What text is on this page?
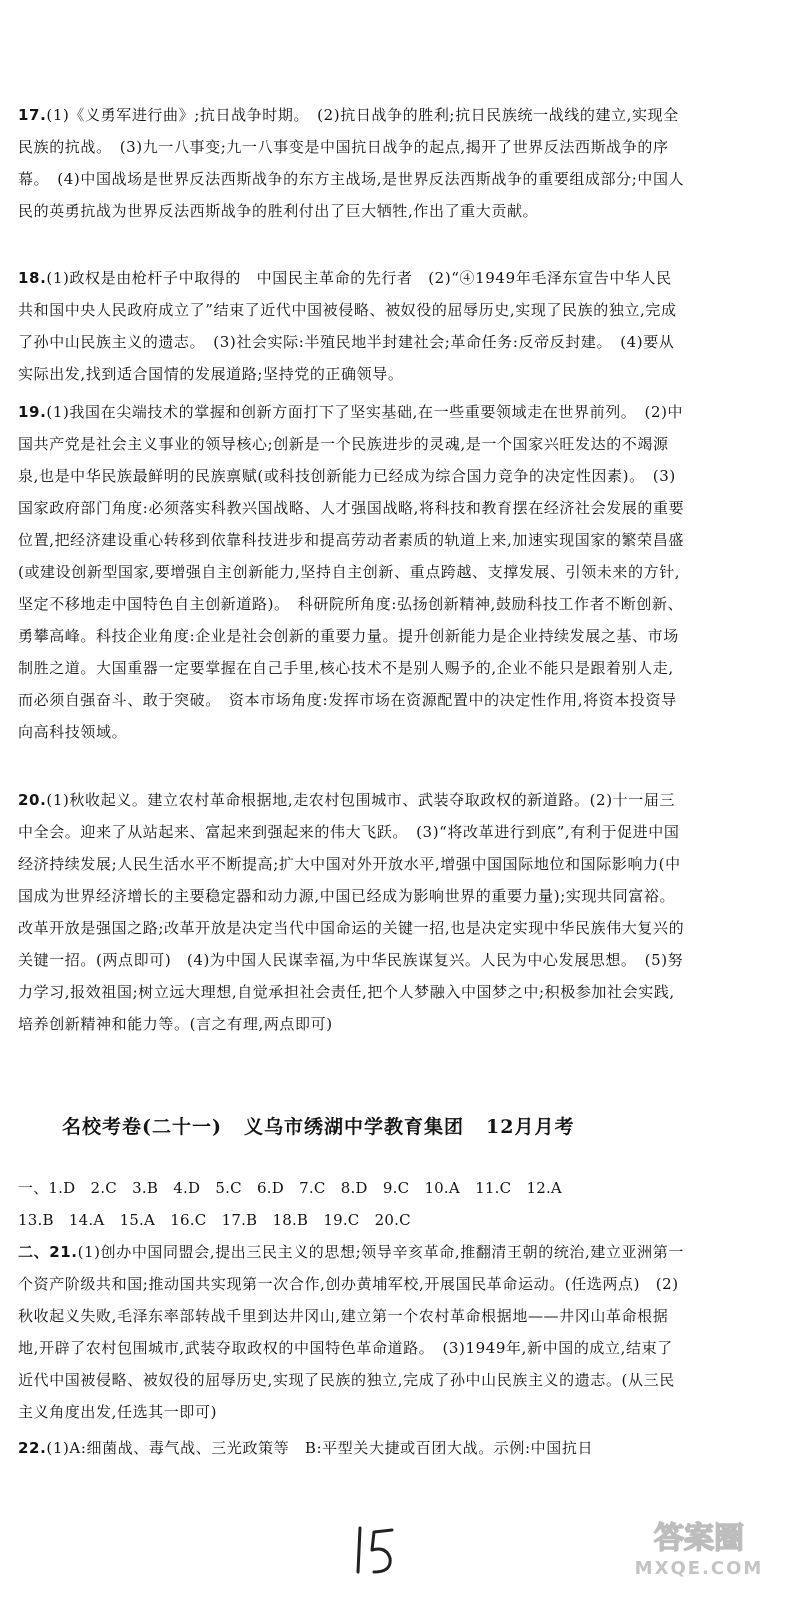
17.(1)《义勇军进行曲》;抗日战争时期。　(2)抗日战争的胜利;抗日民族统一战线的建立,实现全民族的抗战。　(3)九一八事变;九一八事变是中国抗日战争的起点,揭开了世界反法西斯战争的序幕。　(4)中国战场是世界反法西斯战争的东方主战场,是世界反法西斯战争的重要组成部分;中国人民的英勇抗战为世界反法西斯战争的胜利付出了巨大牺牲,作出了重大贡献。

18.(1)政权是由枪杆子中取得的　中国民主革命的先行者　(2)“④1949年毛泽东宣告中华人民共和国中央人民政府成立了”结束了近代中国被侵略、被奴役的屈辱历史,实现了民族的独立,完成了孙中山民族主义的遗志。　(3)社会实际:半殖民地半封建社会;革命任务:反帝反封建。　(4)要从实际出发,找到适合国情的发展道路;坚持党的正确领导。

19.(1)我国在尖端技术的掌握和创新方面打下了坚实基础,在一些重要领域走在世界前列。　(2)中国共产党是社会主义事业的领导核心;创新是一个民族进步的灵魂,是一个国家兴旺发达的不竭源泉,也是中华民族最鲜明的民族禀赋(或科技创新能力已经成为综合国力竞争的决定性因素)。　(3)国家政府部门角度:必须落实科教兴国战略、人才强国战略,将科技和教育摆在经济社会发展的重要位置,把经济建设重心转移到依靠科技进步和提高劳动者素质的轨道上来,加速实现国家的繁荣昌盛(或建设创新型国家,要增强自主创新能力,坚持自主创新、重点跨越、支撑发展、引领未来的方针,坚定不移地走中国特色自主创新道路)。　科研院所角度:弘扬创新精神,鼓励科技工作者不断创新、勇攀高峰。科技企业角度:企业是社会创新的重要力量。提升创新能力是企业持续发展之基、市场制胜之道。大国重器一定要掌握在自己手里,核心技术不是别人赐予的,企业不能只是跟着别人走,而必须自强奋斗、敢于突破。　资本市场角度:发挥市场在资源配置中的决定性作用,将资本投资导向高科技领域。

20.(1)秋收起义。建立农村革命根据地,走农村包围城市、武装夺取政权的新道路。(2)十一届三中全会。迎来了从站起来、富起来到强起来的伟大飞跃。　(3)“将改革进行到底”,有利于促进中国经济持续发展;人民生活水平不断提高;扩大中国对外开放水平,增强中国国际地位和国际影响力(中国成为世界经济增长的主要稳定器和动力源,中国已经成为影响世界的重要力量);实现共同富裕。改革开放是强国之路;改革开放是决定当代中国命运的关键一招,也是决定实现中华民族伟大复兴的关键一招。(两点即可)　(4)为中国人民谋幸福,为中华民族谋复兴。人民为中心发展思想。　(5)努力学习,报效祖国;树立远大理想,自觉承担社会责任,把个人梦融入中国梦之中;积极参加社会实践,培养创新精神和能力等。(言之有理,两点即可)

名校考卷(二十一) 义乌市绣湖中学教育集团 12月月考

一、1.D　2.C　3.B　4.D　5.C　6.D　7.C　8.D　9.C　10.A　11.C　12.A
13.B　14.A　15.A　16.C　17.B　18.B　19.C　20.C

二、21.(1)创办中国同盟会,提出三民主义的思想;领导辛亥革命,推翻清王朝的统治,建立亚洲第一个资产阶级共和国;推动国共实现第一次合作,创办黄埔军校,开展国民革命运动。(任选两点)　(2)秋收起义失败,毛泽东率部转战千里到达井冈山,建立第一个农村革命根据地——井冈山革命根据地,开辟了农村包围城市,武装夺取政权的中国特色革命道路。　(3)1949年,新中国的成立,结束了近代中国被侵略、被奴役的屈辱历史,实现了民族的独立,完成了孙中山民族主义的遗志。(从三民主义角度出发,任选其一即可)

22.(1)A:细菌战、毒气战、三光政策等　B:平型关大捷或百团大战。示例:中国抗日

答案圈
MXQE.COM
